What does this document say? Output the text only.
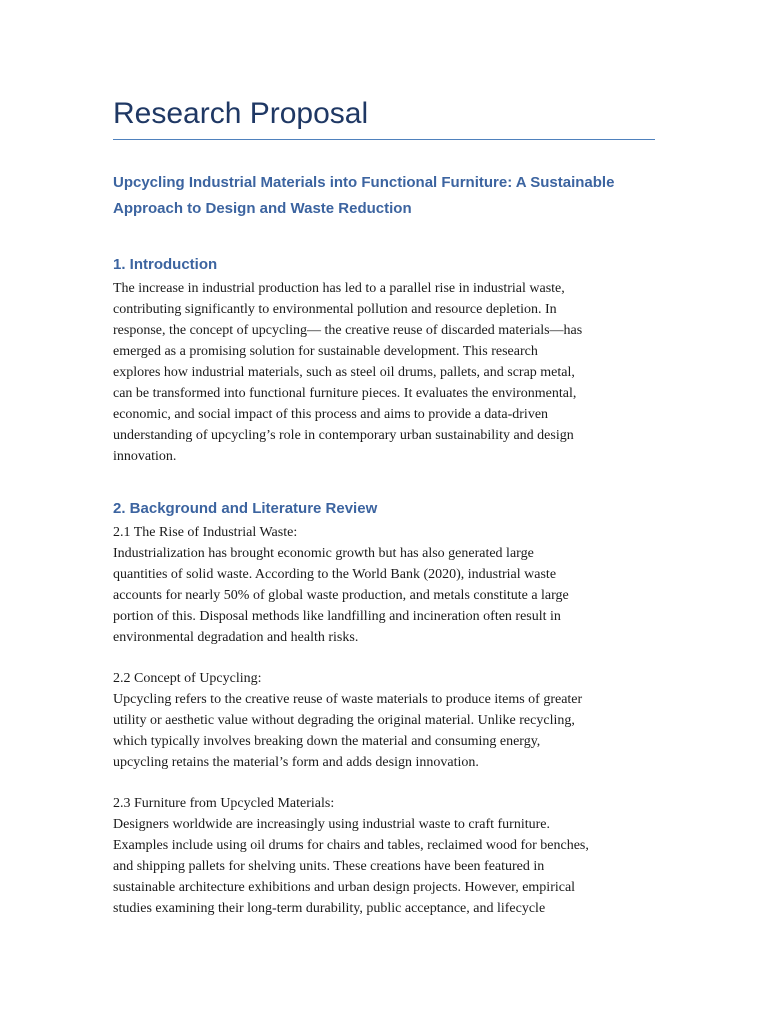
Research Proposal
Upcycling Industrial Materials into Functional Furniture: A Sustainable
Approach to Design and Waste Reduction
1. Introduction
The increase in industrial production has led to a parallel rise in industrial waste,
contributing significantly to environmental pollution and resource depletion. In
response, the concept of upcycling— the creative reuse of discarded materials—has
emerged as a promising solution for sustainable development. This research
explores how industrial materials, such as steel oil drums, pallets, and scrap metal,
can be transformed into functional furniture pieces. It evaluates the environmental,
economic, and social impact of this process and aims to provide a data-driven
understanding of upcycling’s role in contemporary urban sustainability and design
innovation.
2. Background and Literature Review
2.1 The Rise of Industrial Waste:
Industrialization has brought economic growth but has also generated large
quantities of solid waste. According to the World Bank (2020), industrial waste
accounts for nearly 50% of global waste production, and metals constitute a large
portion of this. Disposal methods like landfilling and incineration often result in
environmental degradation and health risks.
2.2 Concept of Upcycling:
Upcycling refers to the creative reuse of waste materials to produce items of greater
utility or aesthetic value without degrading the original material. Unlike recycling,
which typically involves breaking down the material and consuming energy,
upcycling retains the material’s form and adds design innovation.
2.3 Furniture from Upcycled Materials:
Designers worldwide are increasingly using industrial waste to craft furniture.
Examples include using oil drums for chairs and tables, reclaimed wood for benches,
and shipping pallets for shelving units. These creations have been featured in
sustainable architecture exhibitions and urban design projects. However, empirical
studies examining their long-term durability, public acceptance, and lifecycle
